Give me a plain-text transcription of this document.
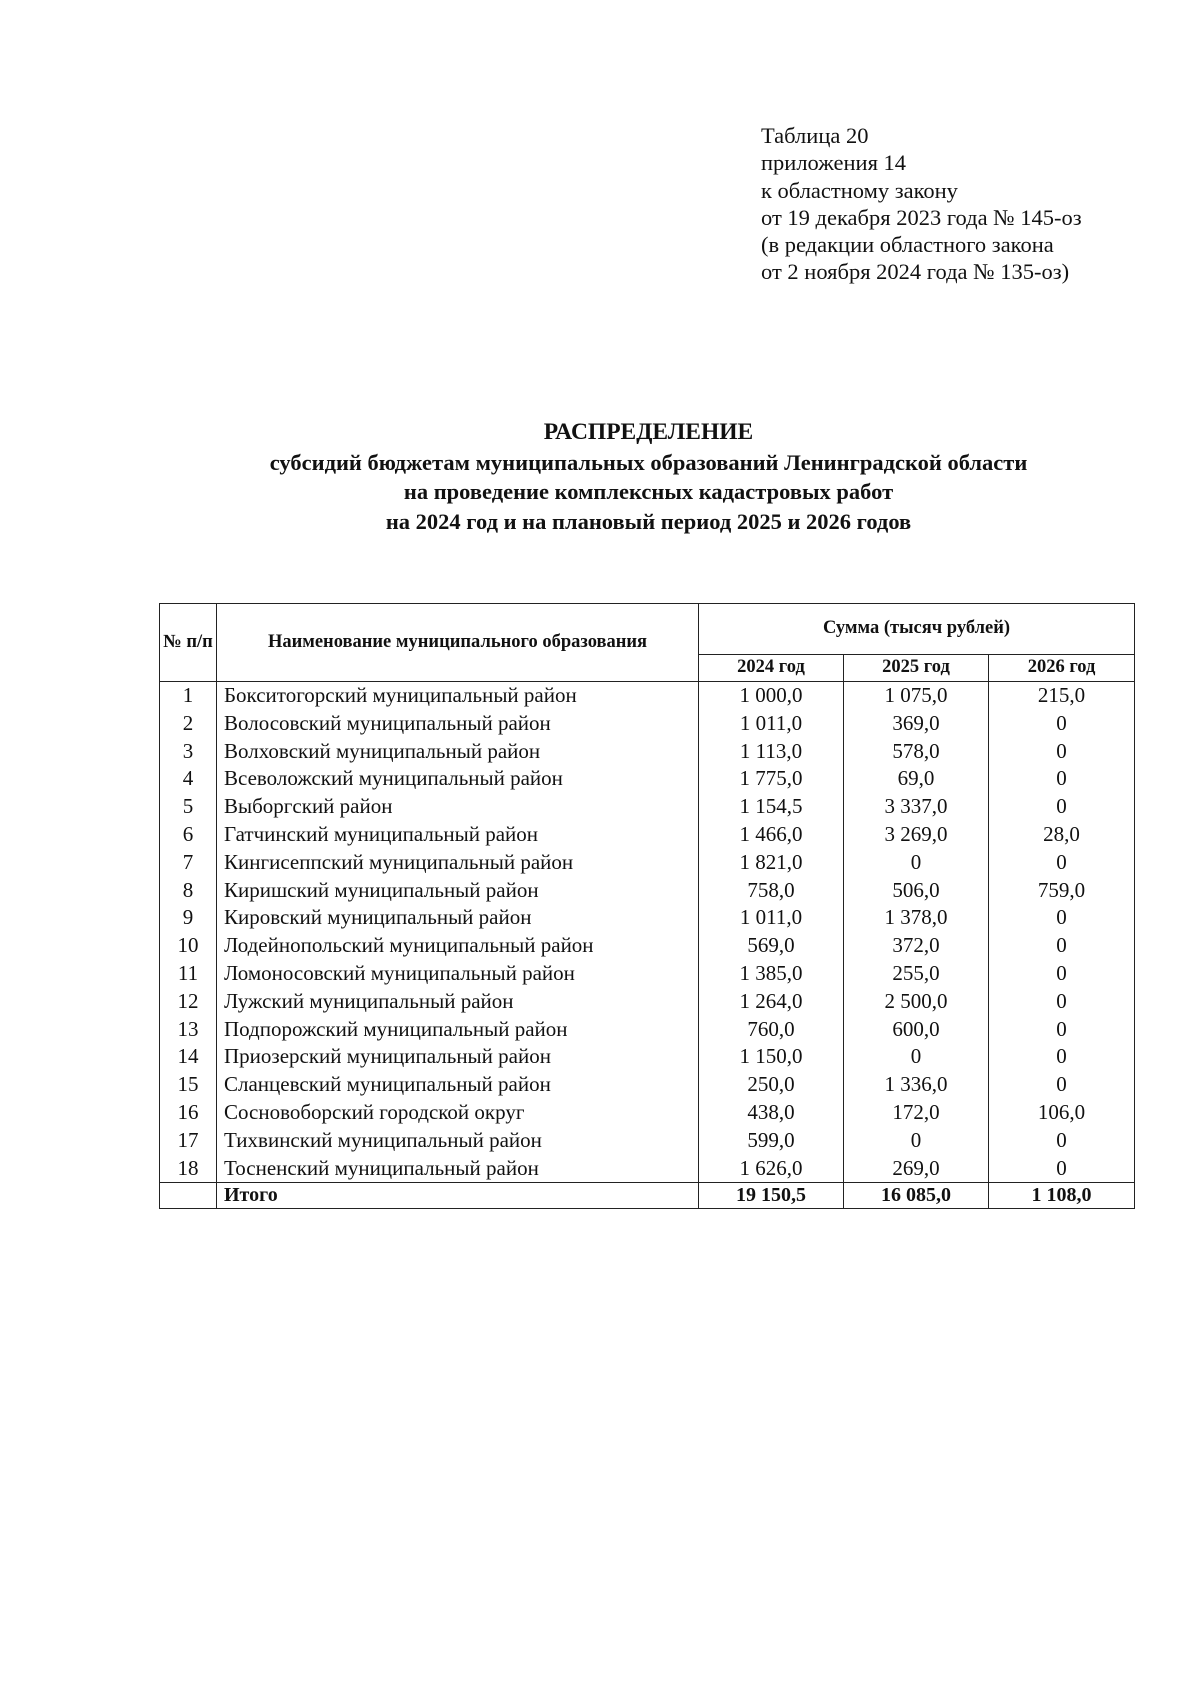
Таблица 20
приложения 14
к областному закону
от 19 декабря 2023 года № 145-оз
(в редакции областного закона
от 2 ноября 2024 года № 135-оз)
РАСПРЕДЕЛЕНИЕ
субсидий бюджетам муниципальных образований Ленинградской области
на проведение комплексных кадастровых работ
на 2024 год и на плановый период 2025 и 2026 годов
№ п/п	Наименование муниципального образования	Сумма (тысяч рублей)		
		2024 год	2025 год	2026 год
1	Бокситогорский муниципальный район	1 000,0	1 075,0	215,0
2	Волосовский муниципальный район	1 011,0	369,0	0
3	Волховский муниципальный район	1 113,0	578,0	0
4	Всеволожский муниципальный район	1 775,0	69,0	0
5	Выборгский район	1 154,5	3 337,0	0
6	Гатчинский муниципальный район	1 466,0	3 269,0	28,0
7	Кингисеппский муниципальный район	1 821,0	0	0
8	Киришский муниципальный район	758,0	506,0	759,0
9	Кировский муниципальный район	1 011,0	1 378,0	0
10	Лодейнопольский муниципальный район	569,0	372,0	0
11	Ломоносовский муниципальный район	1 385,0	255,0	0
12	Лужский муниципальный район	1 264,0	2 500,0	0
13	Подпорожский муниципальный район	760,0	600,0	0
14	Приозерский муниципальный район	1 150,0	0	0
15	Сланцевский муниципальный район	250,0	1 336,0	0
16	Сосновоборский городской округ	438,0	172,0	106,0
17	Тихвинский муниципальный район	599,0	0	0
18	Тосненский муниципальный район	1 626,0	269,0	0
	Итого	19 150,5	16 085,0	1 108,0
